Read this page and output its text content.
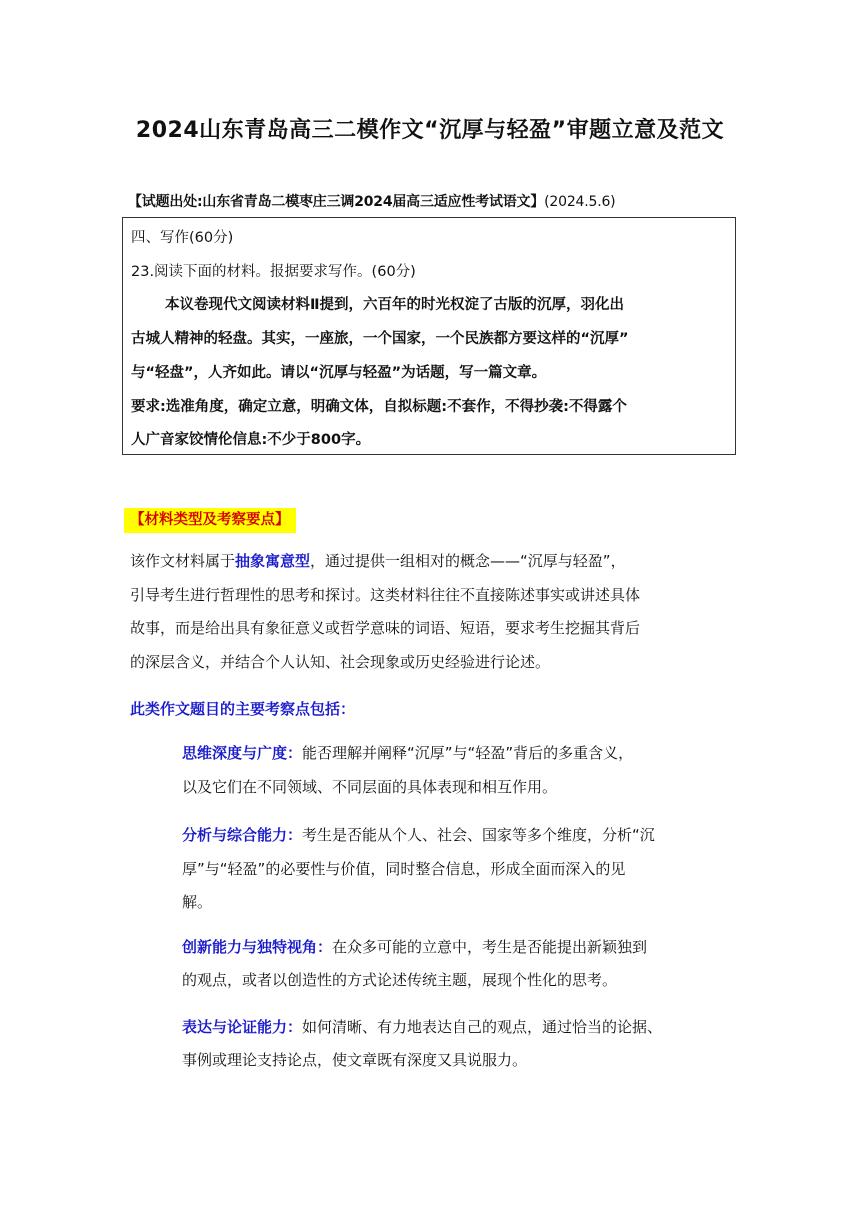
2024山东青岛高三二模作文“沉厚与轻盈”审题立意及范文
【试题出处:山东省青岛二模枣庄三调2024届高三适应性考试语文】(2024.5.6)
四、写作(60分)
23.阅读下面的材料。报据要求写作。(60分)
本议卷现代文阅读材料Ⅱ提到，六百年的时光权淀了古版的沉厚，羽化出
古城人精神的轻盘。其实，一座旅，一个国家，一个民族都方要这样的“沉厚”
与“轻盘”，人齐如此。请以“沉厚与轻盈”为话题，写一篇文章。
要求:选准角度，确定立意，明确文体，自拟标题:不套作，不得抄袭:不得露个
人广音家饺情伦信息:不少于800字。
【材料类型及考察要点】
该作文材料属于抽象寓意型，通过提供一组相对的概念——“沉厚与轻盈”，
引导考生进行哲理性的思考和探讨。这类材料往往不直接陈述事实或讲述具体
故事，而是给出具有象征意义或哲学意味的词语、短语，要求考生挖掘其背后
的深层含义，并结合个人认知、社会现象或历史经验进行论述。
此类作文题目的主要考察点包括：
思维深度与广度：能否理解并阐释“沉厚”与“轻盈”背后的多重含义，
以及它们在不同领域、不同层面的具体表现和相互作用。
分析与综合能力：考生是否能从个人、社会、国家等多个维度，分析“沉
厚”与“轻盈”的必要性与价值，同时整合信息，形成全面而深入的见
解。
创新能力与独特视角：在众多可能的立意中，考生是否能提出新颖独到
的观点，或者以创造性的方式论述传统主题，展现个性化的思考。
表达与论证能力：如何清晰、有力地表达自己的观点，通过恰当的论据、
事例或理论支持论点，使文章既有深度又具说服力。
